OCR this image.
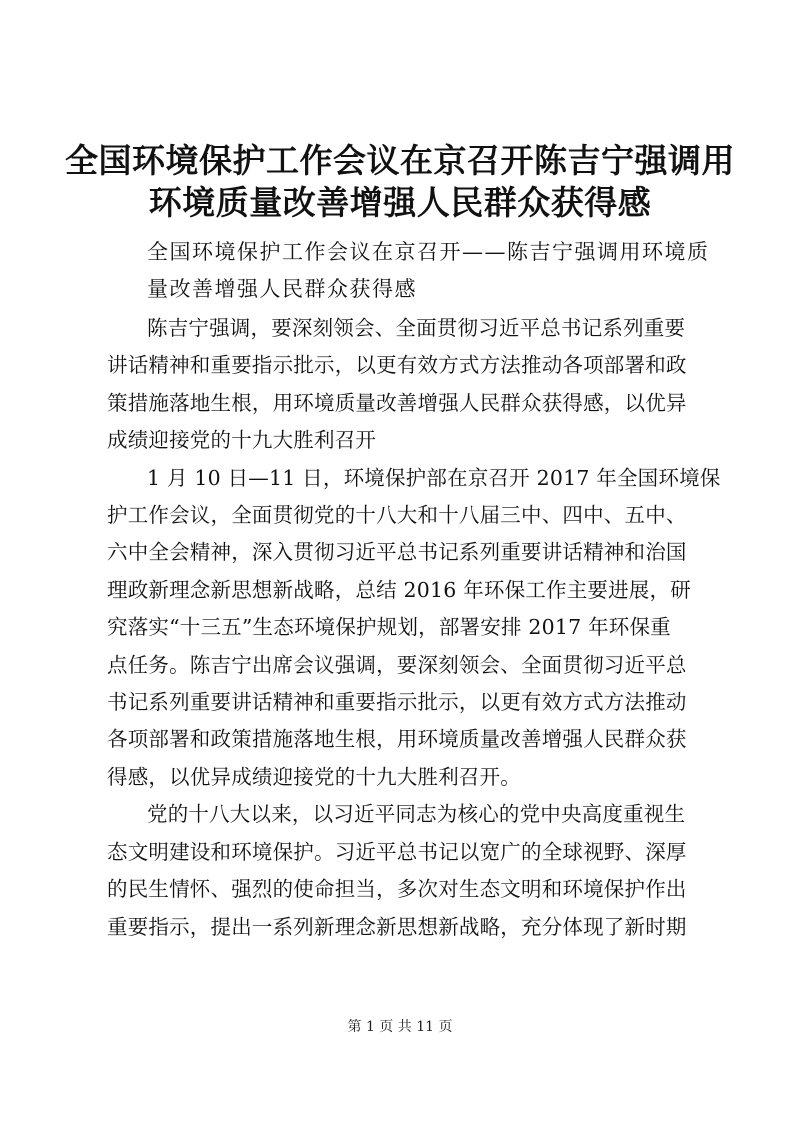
全国环境保护工作会议在京召开陈吉宁强调用
环境质量改善增强人民群众获得感
全国环境保护工作会议在京召开——陈吉宁强调用环境质
量改善增强人民群众获得感

陈吉宁强调，要深刻领会、全面贯彻习近平总书记系列重要
讲话精神和重要指示批示，以更有效方式方法推动各项部署和政
策措施落地生根，用环境质量改善增强人民群众获得感，以优异
成绩迎接党的十九大胜利召开

1 月 10 日—11 日，环境保护部在京召开 2017 年全国环境保
护工作会议，全面贯彻党的十八大和十八届三中、四中、五中、
六中全会精神，深入贯彻习近平总书记系列重要讲话精神和治国
理政新理念新思想新战略，总结 2016 年环保工作主要进展，研
究落实“十三五”生态环境保护规划，部署安排 2017 年环保重
点任务。陈吉宁出席会议强调，要深刻领会、全面贯彻习近平总
书记系列重要讲话精神和重要指示批示，以更有效方式方法推动
各项部署和政策措施落地生根，用环境质量改善增强人民群众获
得感，以优异成绩迎接党的十九大胜利召开。

党的十八大以来，以习近平同志为核心的党中央高度重视生
态文明建设和环境保护。习近平总书记以宽广的全球视野、深厚
的民生情怀、强烈的使命担当，多次对生态文明和环境保护作出
重要指示，提出一系列新理念新思想新战略，充分体现了新时期

第 1 页 共 11 页
